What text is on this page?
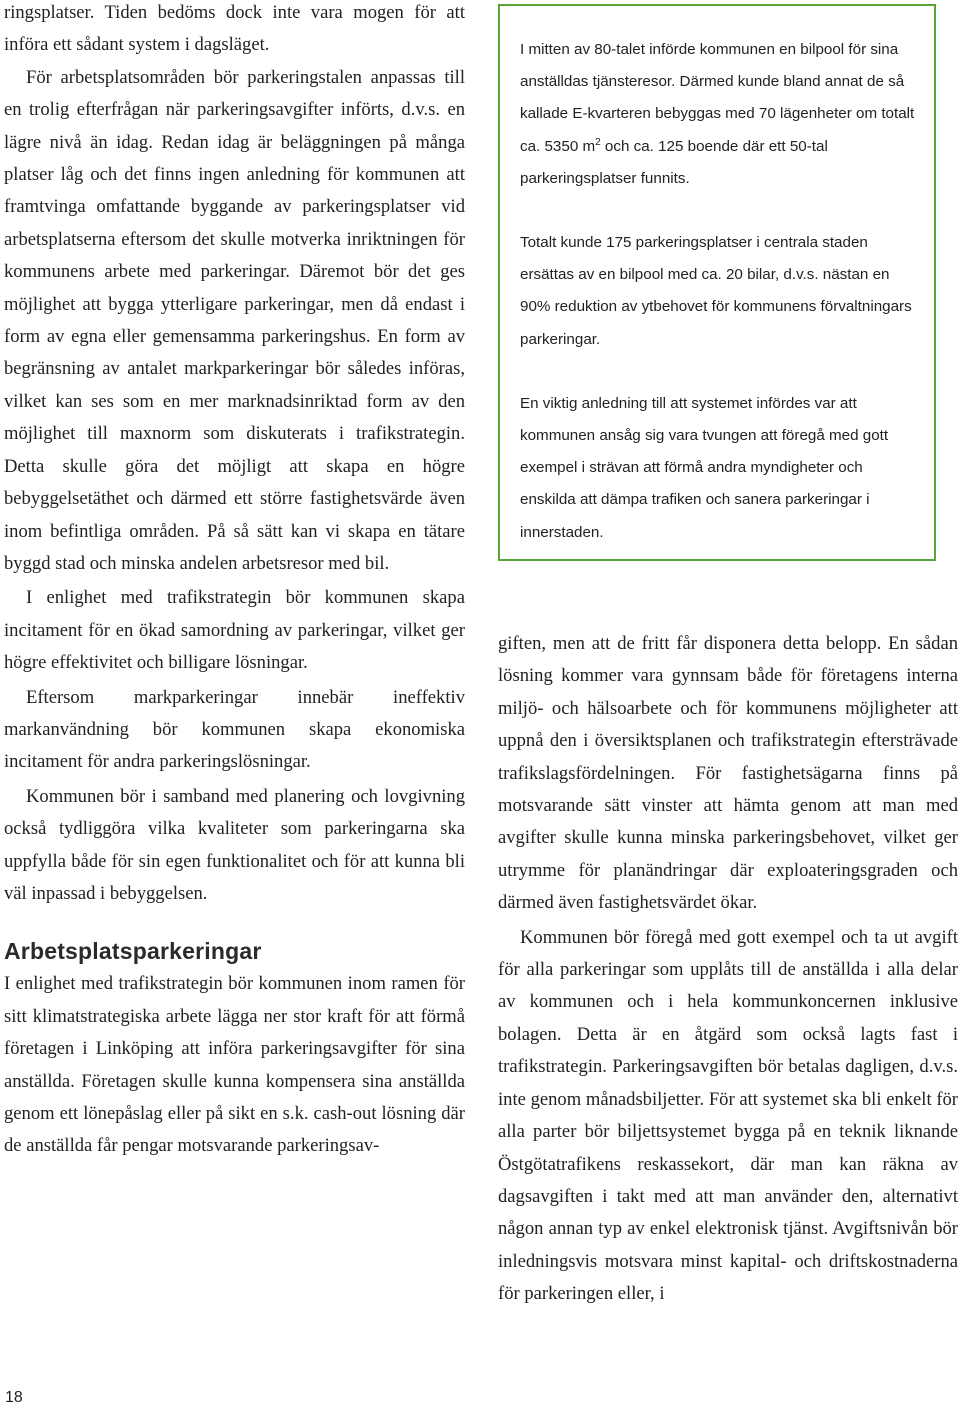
ringsplatser. Tiden bedöms dock inte vara mogen för att införa ett sådant system i dagsläget.

För arbetsplatsområden bör parkeringstalen anpassas till en trolig efterfrågan när parkeringsavgifter införts, d.v.s. en lägre nivå än idag. Redan idag är beläggningen på många platser låg och det finns ingen anledning för kommunen att framtvinga omfattande byggande av parkeringsplatser vid arbetsplatserna eftersom det skulle motverka inriktningen för kommunens arbete med parkeringar. Däremot bör det ges möjlighet att bygga ytterligare parkeringar, men då endast i form av egna eller gemensamma parkeringshus. En form av begränsning av antalet markparkeringar bör således införas, vilket kan ses som en mer marknadsinriktad form av den möjlighet till maxnorm som diskuterats i trafikstrategin. Detta skulle göra det möjligt att skapa en högre bebyggelsetäthet och därmed ett större fastighetsvärde även inom befintliga områden. På så sätt kan vi skapa en tätare byggd stad och minska andelen arbetsresor med bil.

I enlighet med trafikstrategin bör kommunen skapa incitament för en ökad samordning av parkeringar, vilket ger högre effektivitet och billigare lösningar.

Eftersom markparkeringar innebär ineffektiv markanvändning bör kommunen skapa ekonomiska incitament för andra parkeringslösningar.

Kommunen bör i samband med planering och lovgivning också tydliggöra vilka kvaliteter som parkeringarna ska uppfylla både för sin egen funktionalitet och för att kunna bli väl inpassad i bebyggelsen.

Arbetsplatsparkeringar

I enlighet med trafikstrategin bör kommunen inom ramen för sitt klimatstrategiska arbete lägga ner stor kraft för att förmå företagen i Linköping att införa parkeringsavgifter för sina anställda. Företagen skulle kunna kompensera sina anställda genom ett lönepåslag eller på sikt en s.k. cash-out lösning där de anställda får pengar motsvarande parkeringsav-

I mitten av 80-talet införde kommunen en bilpool för sina anställdas tjänsteresor. Därmed kunde bland annat de så kallade E-kvarteren bebyggas med 70 lägenheter om totalt ca. 5350 $m^2$ och ca. 125 boende där ett 50-tal parkeringsplatser funnits.

Totalt kunde 175 parkeringsplatser i centrala staden ersättas av en bilpool med ca. 20 bilar, d.v.s. nästan en 90% reduktion av ytbehovet för kommunens förvaltningars parkeringar.

En viktig anledning till att systemet infördes var att kommunen ansåg sig vara tvungen att föregå med gott exempel i strävan att förmå andra myndigheter och enskilda att dämpa trafiken och sanera parkeringar i innerstaden.

giften, men att de fritt får disponera detta belopp. En sådan lösning kommer vara gynnsam både för företagens interna miljö- och hälsoarbete och för kommunens möjligheter att uppnå den i översiktsplanen och trafikstrategin eftersträvade trafikslagsfördelningen. För fastighetsägarna finns på motsvarande sätt vinster att hämta genom att man med avgifter skulle kunna minska parkeringsbehovet, vilket ger utrymme för planändringar där exploateringsgraden och därmed även fastighetsvärdet ökar.

Kommunen bör föregå med gott exempel och ta ut avgift för alla parkeringar som upplåts till de anställda i alla delar av kommunen och i hela kommunkoncernen inklusive bolagen. Detta är en åtgärd som också lagts fast i trafikstrategin. Parkeringsavgiften bör betalas dagligen, d.v.s. inte genom månadsbiljetter. För att systemet ska bli enkelt för alla parter bör biljettsystemet bygga på en teknik liknande Östgötatrafikens reskassekort, där man kan räkna av dagsavgiften i takt med att man använder den, alternativt någon annan typ av enkel elektronisk tjänst. Avgiftsnivån bör inledningsvis motsvara minst kapital- och driftskostnaderna för parkeringen eller, i

18
